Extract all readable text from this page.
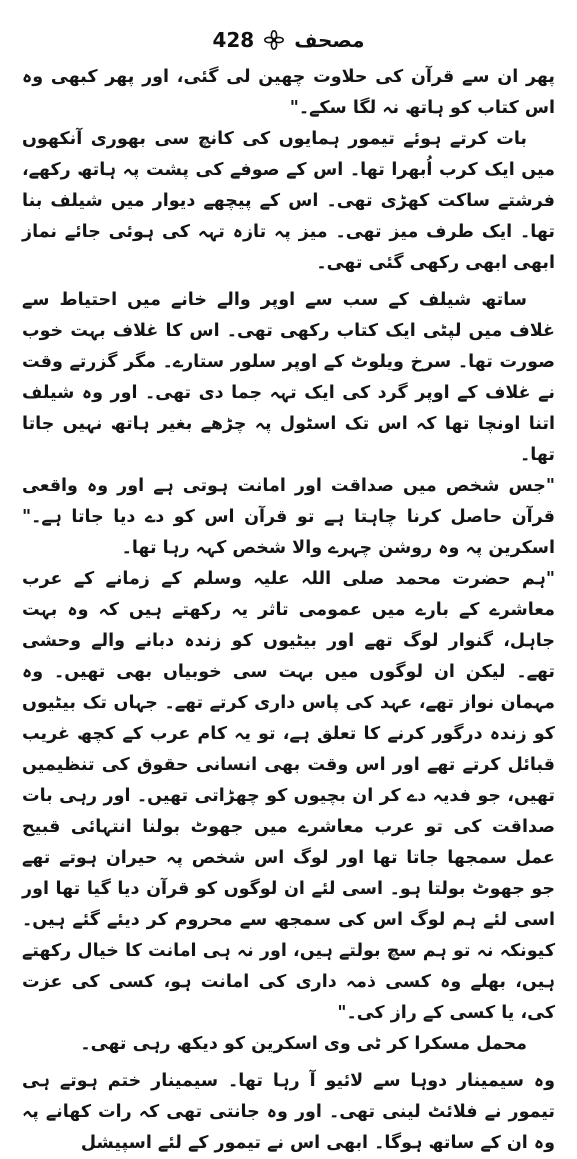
428 مصحف

پھر ان سے قرآن کی حلاوت چھین لی گئی، اور پھر کبھی وہ اس کتاب کو ہاتھ نہ لگا سکے۔"

بات کرتے ہوئے تیمور ہمایوں کی کانچ سی بھوری آنکھوں میں ایک کرب اُبھرا تھا۔ اس کے صوفے کی پشت پہ ہاتھ رکھے، فرشتے ساکت کھڑی تھی۔ اس کے پیچھے دیوار میں شیلف بنا تھا۔ ایک طرف میز تھی۔ میز پہ تازہ تہہ کی ہوئی جائے نماز ابھی ابھی رکھی گئی تھی۔

ساتھ شیلف کے سب سے اوپر والے خانے میں احتیاط سے غلاف میں لپٹی ایک کتاب رکھی تھی۔ اس کا غلاف بہت خوب صورت تھا۔ سرخ ویلوٹ کے اوپر سلور ستارے۔ مگر گزرتے وقت نے غلاف کے اوپر گرد کی ایک تہہ جما دی تھی۔ اور وہ شیلف اتنا اونچا تھا کہ اس تک اسٹول پہ چڑھے بغیر ہاتھ نہیں جاتا تھا۔

"جس شخص میں صداقت اور امانت ہوتی ہے اور وہ واقعی قرآن حاصل کرنا چاہتا ہے تو قرآن اس کو دے دیا جاتا ہے۔" اسکرین پہ وہ روشن چہرے والا شخص کہہ رہا تھا۔

"ہم حضرت محمد صلی اللہ علیہ وسلم کے زمانے کے عرب معاشرے کے بارے میں عمومی تاثر یہ رکھتے ہیں کہ وہ بہت جاہل، گنوار لوگ تھے اور بیٹیوں کو زندہ دبانے والے وحشی تھے۔ لیکن ان لوگوں میں بہت سی خوبیاں بھی تھیں۔ وہ مہمان نواز تھے، عہد کی پاس داری کرتے تھے۔ جہاں تک بیٹیوں کو زندہ درگور کرنے کا تعلق ہے، تو یہ کام عرب کے کچھ غریب قبائل کرتے تھے اور اس وقت بھی انسانی حقوق کی تنظیمیں تھیں، جو فدیہ دے کر ان بچیوں کو چھڑاتی تھیں۔ اور رہی بات صداقت کی تو عرب معاشرے میں جھوٹ بولنا انتہائی قبیح عمل سمجھا جاتا تھا اور لوگ اس شخص پہ حیران ہوتے تھے جو جھوٹ بولتا ہو۔ اسی لئے ان لوگوں کو قرآن دیا گیا تھا اور اسی لئے ہم لوگ اس کی سمجھ سے محروم کر دیئے گئے ہیں۔ کیونکہ نہ تو ہم سچ بولتے ہیں، اور نہ ہی امانت کا خیال رکھتے ہیں، بھلے وہ کسی ذمہ داری کی امانت ہو، کسی کی عزت کی، یا کسی کے راز کی۔"

محمل مسکرا کر ٹی وی اسکرین کو دیکھ رہی تھی۔

وہ سیمینار دوہا سے لائیو آ رہا تھا۔ سیمینار ختم ہوتے ہی تیمور نے فلائٹ لینی تھی۔ اور وہ جانتی تھی کہ رات کھانے پہ وہ ان کے ساتھ ہوگا۔ ابھی اس نے تیمور کے لئے اسپیشل
